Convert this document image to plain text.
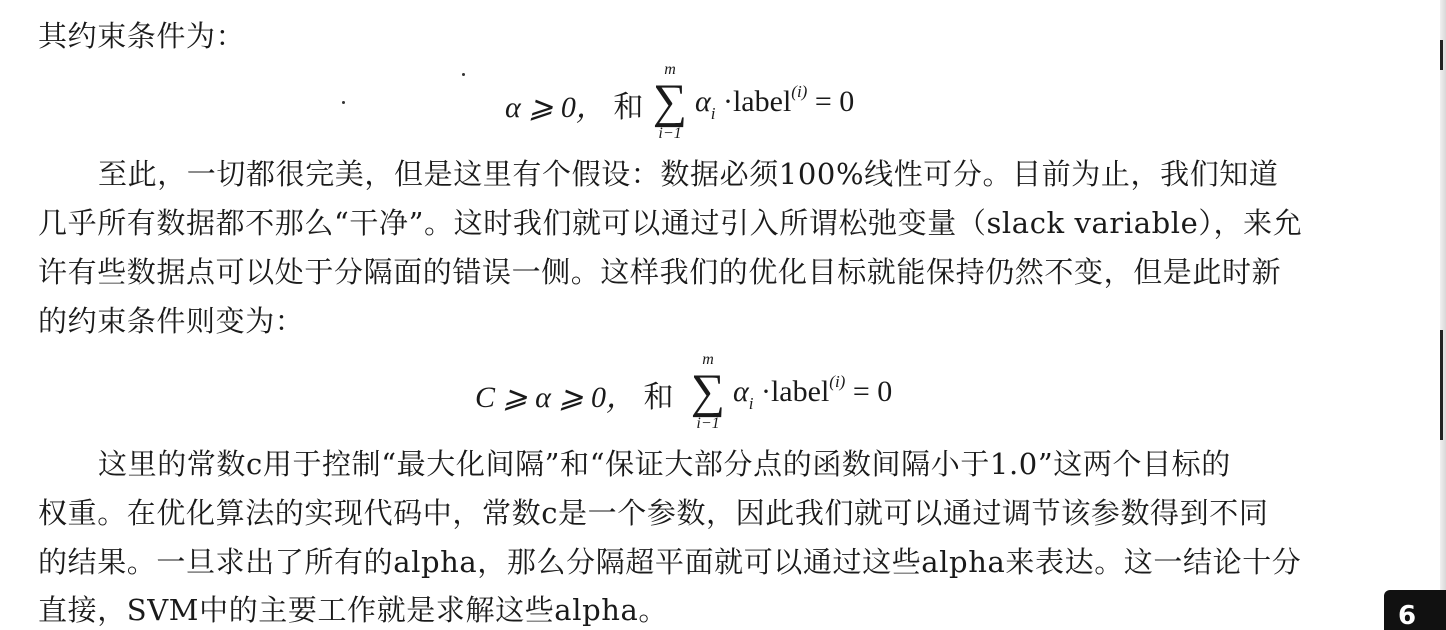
其约束条件为：
α ⩾ 0， 和
m
∑
i−1
$\alpha_i$ ·label$^{(i)}$ = 0
至此，一切都很完美，但是这里有个假设：数据必须100%线性可分。目前为止，我们知道
几乎所有数据都不那么“干净”。这时我们就可以通过引入所谓松弛变量（slack variable），来允
许有些数据点可以处于分隔面的错误一侧。这样我们的优化目标就能保持仍然不变，但是此时新
的约束条件则变为：
C ⩾ α ⩾ 0， 和
m
∑
i−1
$\alpha_i$ ·label$^{(i)}$ = 0
这里的常数c用于控制“最大化间隔”和“保证大部分点的函数间隔小于1.0”这两个目标的
权重。在优化算法的实现代码中，常数c是一个参数，因此我们就可以通过调节该参数得到不同
的结果。一旦求出了所有的alpha，那么分隔超平面就可以通过这些alpha来表达。这一结论十分
直接，SVM中的主要工作就是求解这些alpha。	6
